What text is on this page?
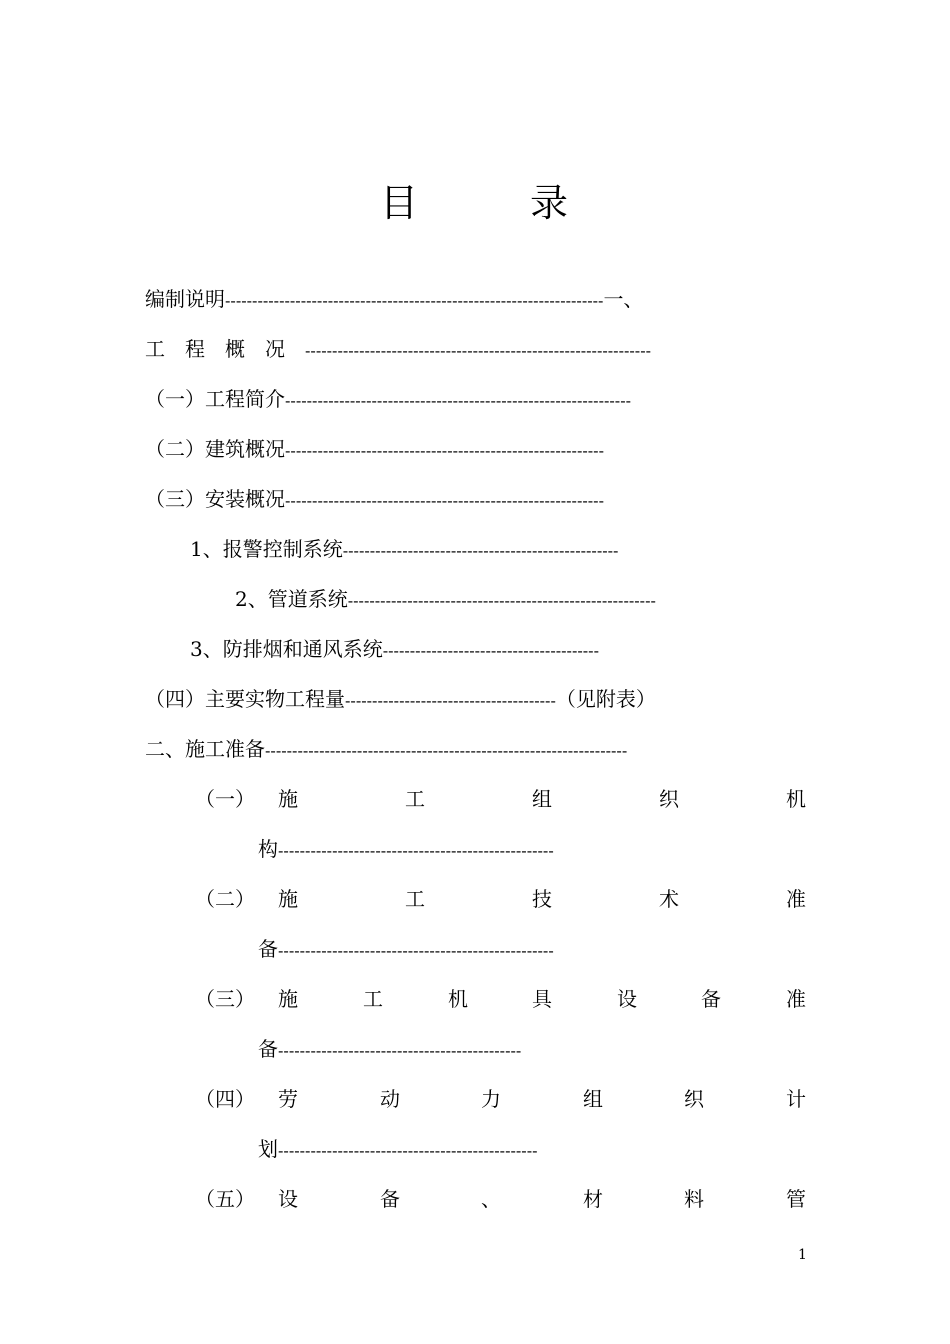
目	录
编制说明----------------------------------------------------------------------一、
工　程　概　况 ----------------------------------------------------------------
（一）工程简介----------------------------------------------------------------
（二）建筑概况-----------------------------------------------------------
（三）安装概况-----------------------------------------------------------
1、报警控制系统---------------------------------------------------
2、管道系统---------------------------------------------------------
3、防排烟和通风系统----------------------------------------
（四）主要实物工程量---------------------------------------（见附表）
二、施工准备-------------------------------------------------------------------
（一） 施	工	组	织	机
构---------------------------------------------------
（二） 施	工	技	术	准
备---------------------------------------------------
（三） 施	工	机	具	设	备	准
备---------------------------------------------
（四） 劳	动	力	组	织	计
划------------------------------------------------
（五） 设	备	、	材	料	管
1
